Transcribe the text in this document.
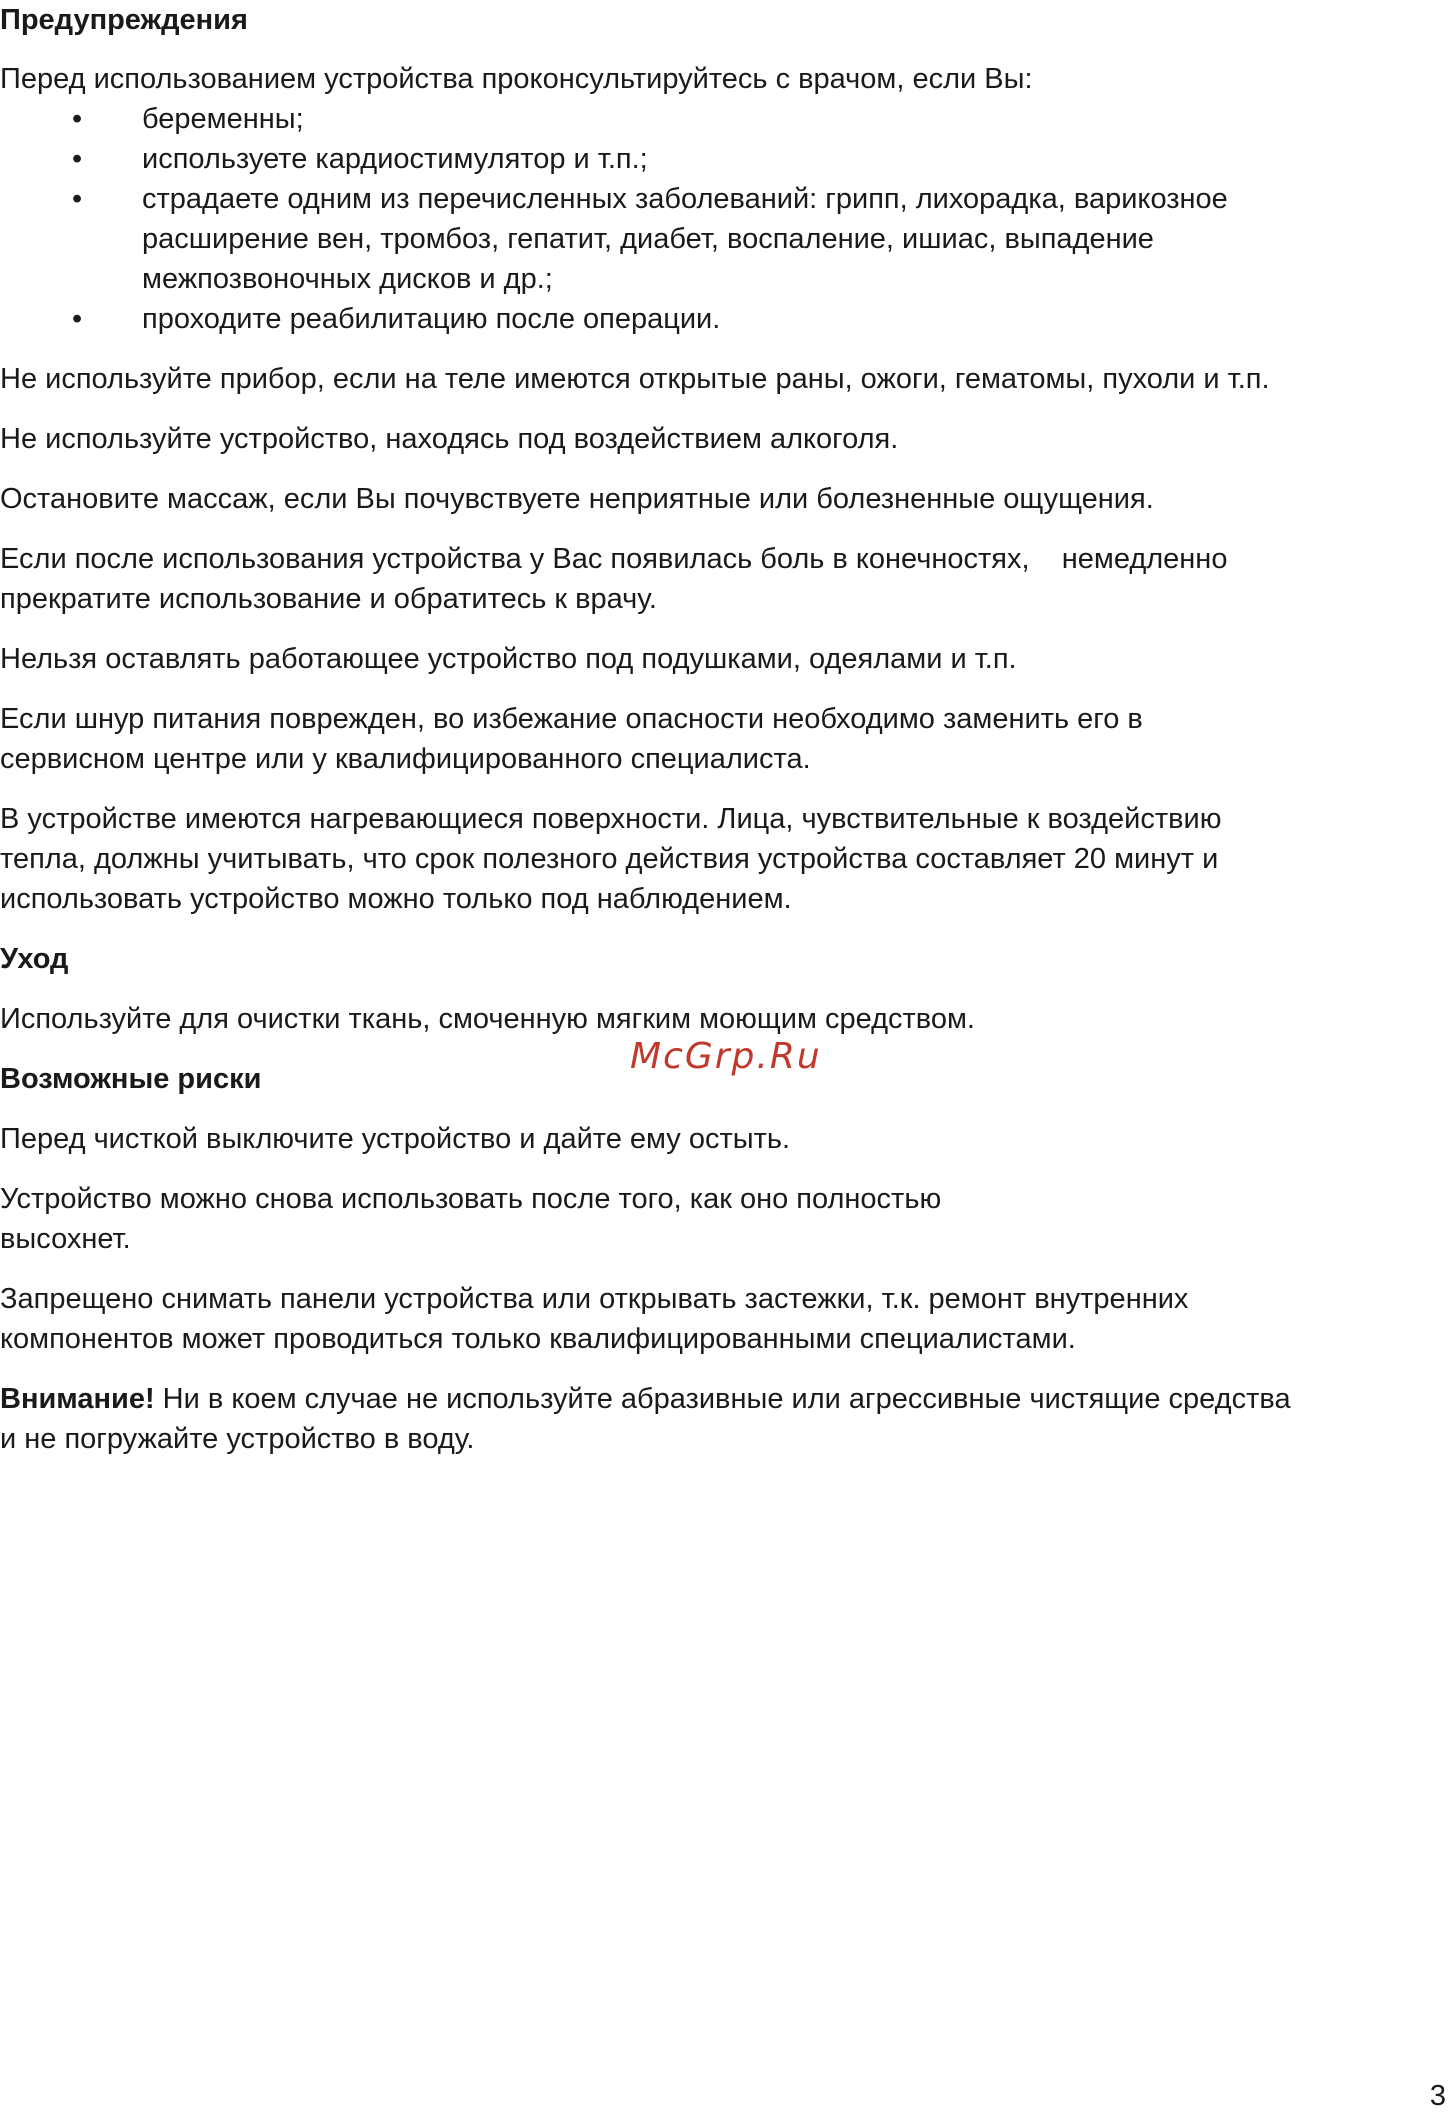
Предупреждения
Перед использованием устройства проконсультируйтесь с врачом, если Вы:
• беременны;
• используете кардиостимулятор и т.п.;
• страдаете одним из перечисленных заболеваний: грипп, лихорадка, варикозное
расширение вен, тромбоз, гепатит, диабет, воспаление, ишиас, выпадение
межпозвоночных дисков и др.;
• проходите реабилитацию после операции.
Не используйте прибор, если на теле имеются открытые раны, ожоги, гематомы, пухоли и т.п.
Не используйте устройство, находясь под воздействием алкоголя.
Остановите массаж, если Вы почувствуете неприятные или болезненные ощущения.
Если после использования устройства у Вас появилась боль в конечностях,    немедленно
прекратите использование и обратитесь к врачу.
Нельзя оставлять работающее устройство под подушками, одеялами и т.п.
Если шнур питания поврежден, во избежание опасности необходимо заменить его в
сервисном центре или у квалифицированного специалиста.
В устройстве имеются нагревающиеся поверхности. Лица, чувствительные к воздействию
тепла, должны учитывать, что срок полезного действия устройства составляет 20 минут и
использовать устройство можно только под наблюдением.
Уход
Используйте для очистки ткань, смоченную мягким моющим средством.
Возможные риски
Перед чисткой выключите устройство и дайте ему остыть.
Устройство можно снова использовать после того, как оно полностью
высохнет.
Запрещено снимать панели устройства или открывать застежки, т.к. ремонт внутренних
компонентов может проводиться только квалифицированными специалистами.
Внимание! Ни в коем случае не используйте абразивные или агрессивные чистящие средства
и не погружайте устройство в воду.
McGrp.Ru
3
